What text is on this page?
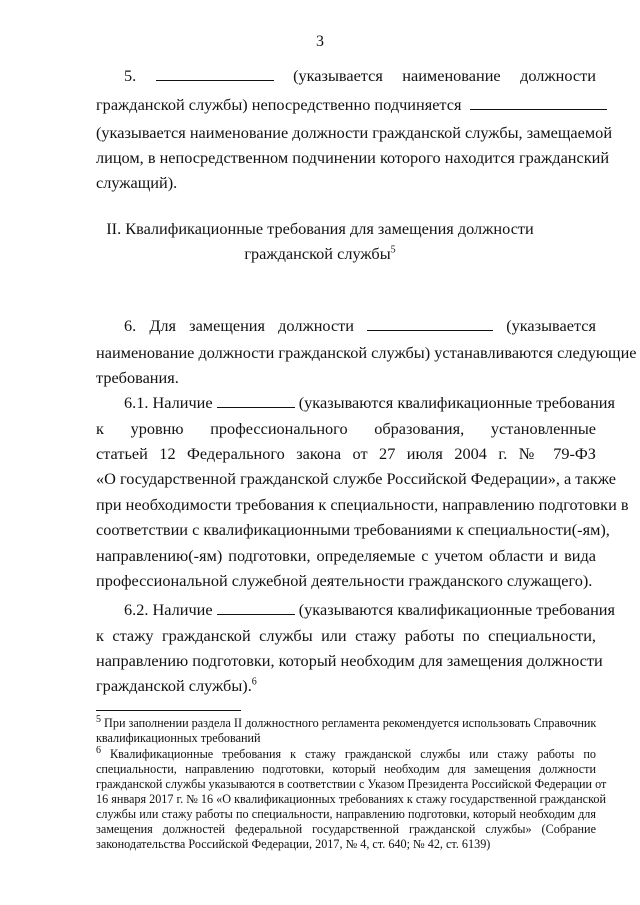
3
5.	(указывается наименование должности
гражданской службы) непосредственно подчиняется
(указывается наименование должности гражданской службы, замещаемой
лицом, в непосредственном подчинении которого находится гражданский
служащий).
II. Квалификационные требования для замещения должности
гражданской службы$^5$
6. Для замещения должности	(указывается
наименование должности гражданской службы) устанавливаются следующие
требования.
6.1. Наличие	(указываются квалификационные требования
к уровню профессионального образования, установленные
статьей 12 Федерального закона от 27 июля 2004 г. № 79-ФЗ
«О государственной гражданской службе Российской Федерации», а также
при необходимости требования к специальности, направлению подготовки в
соответствии с квалификационными требованиями к специальности(-ям),
направлению(-ям) подготовки, определяемые с учетом области и вида
профессиональной служебной деятельности гражданского служащего).
6.2. Наличие	(указываются квалификационные требования
к стажу гражданской службы или стажу работы по специальности,
направлению подготовки, который необходим для замещения должности
гражданской службы).$^6$
$^5$ При заполнении раздела II должностного регламента рекомендуется использовать Справочник
квалификационных требований
$^6$ Квалификационные требования к стажу гражданской службы или стажу работы по
специальности, направлению подготовки, который необходим для замещения должности
гражданской службы указываются в соответствии с Указом Президента Российской Федерации от
16 января 2017 г. № 16 «О квалификационных требованиях к стажу государственной гражданской
службы или стажу работы по специальности, направлению подготовки, который необходим для
замещения должностей федеральной государственной гражданской службы» (Собрание
законодательства Российской Федерации, 2017, № 4, ст. 640; № 42, ст. 6139)
